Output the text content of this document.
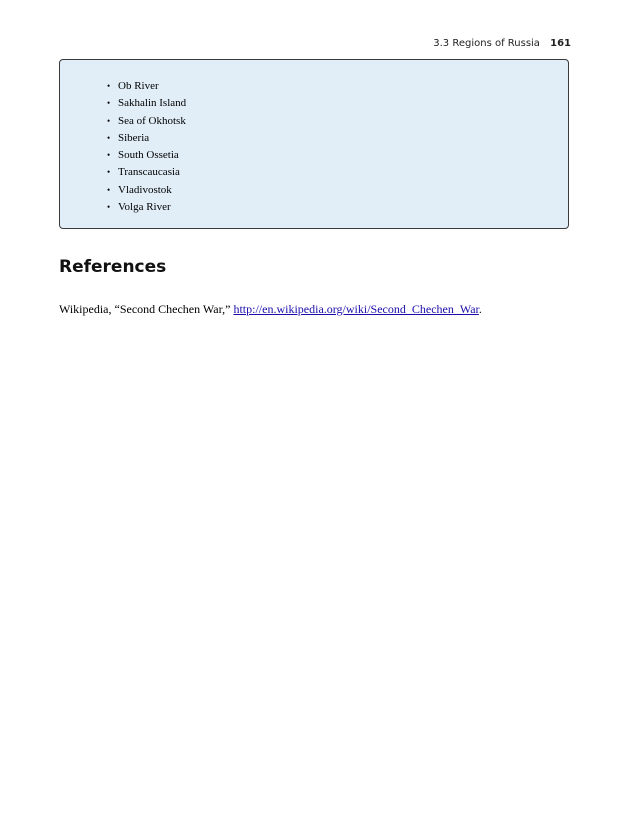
3.3 Regions of Russia 161
• Ob River
• Sakhalin Island
• Sea of Okhotsk
• Siberia
• South Ossetia
• Transcaucasia
• Vladivostok
• Volga River
References

Wikipedia, “Second Chechen War,” http://en.wikipedia.org/wiki/Second_Chechen_War.
